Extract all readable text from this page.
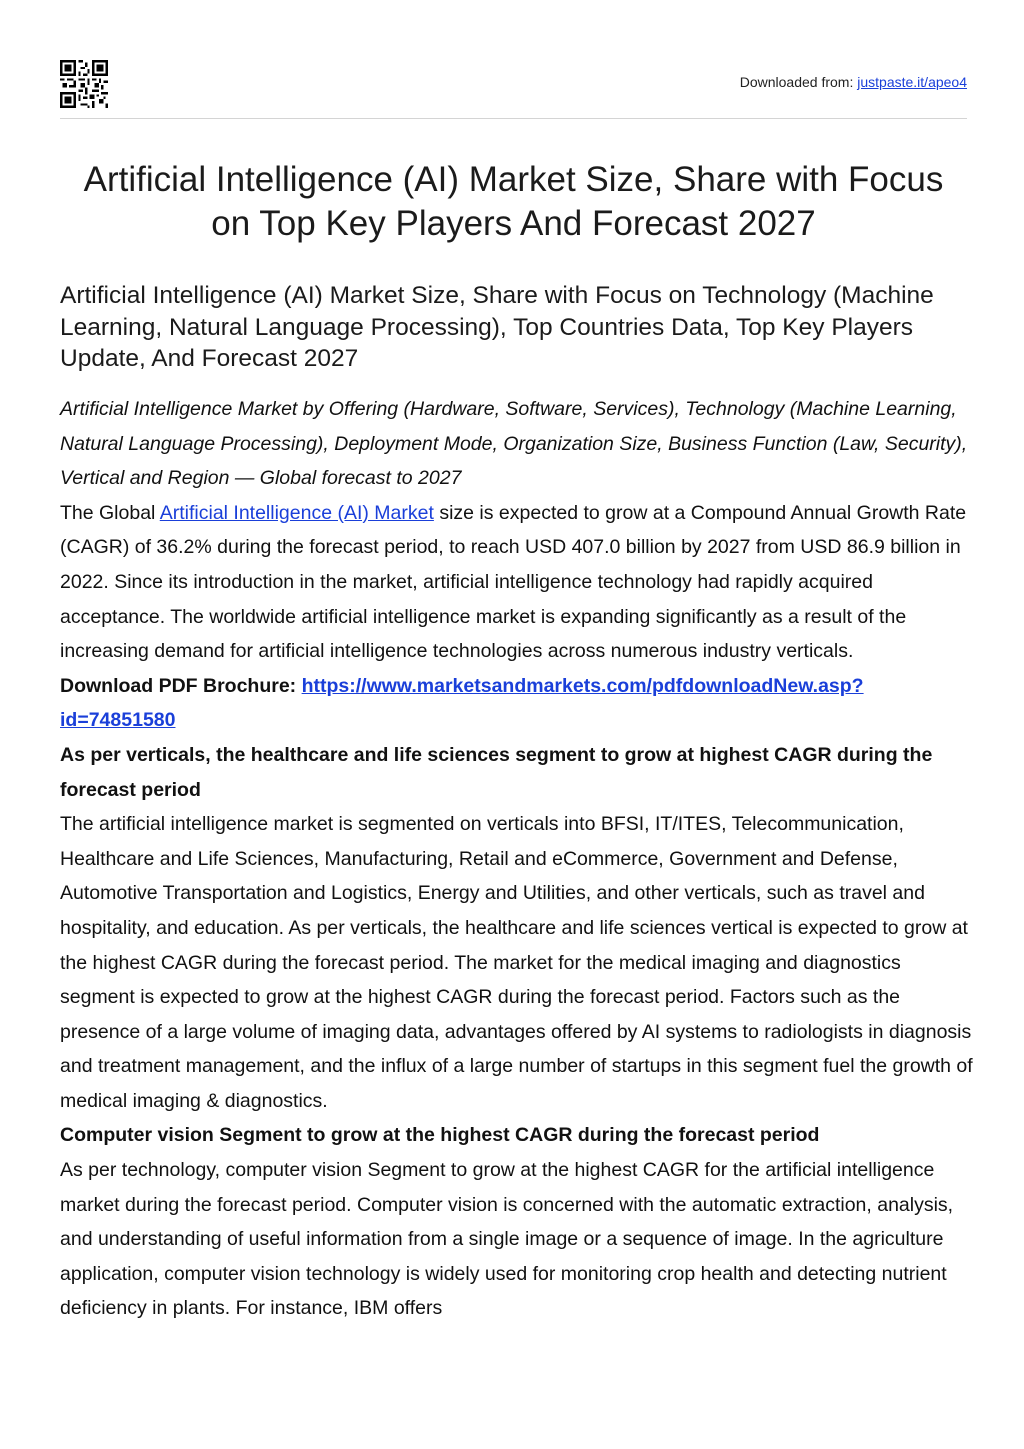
Downloaded from: justpaste.it/apeo4
Artificial Intelligence (AI) Market Size, Share with Focus on Top Key Players And Forecast 2027
Artificial Intelligence (AI) Market Size, Share with Focus on Technology (Machine Learning, Natural Language Processing), Top Countries Data, Top Key Players Update, And Forecast 2027

Artificial Intelligence Market by Offering (Hardware, Software, Services), Technology (Machine Learning, Natural Language Processing), Deployment Mode, Organization Size, Business Function (Law, Security), Vertical and Region — Global forecast to 2027

The Global Artificial Intelligence (AI) Market size is expected to grow at a Compound Annual Growth Rate (CAGR) of 36.2% during the forecast period, to reach USD 407.0 billion by 2027 from USD 86.9 billion in 2022. Since its introduction in the market, artificial intelligence technology had rapidly acquired acceptance. The worldwide artificial intelligence market is expanding significantly as a result of the increasing demand for artificial intelligence technologies across numerous industry verticals.

Download PDF Brochure: https://www.marketsandmarkets.com/pdfdownloadNew.asp?
id=74851580

As per verticals, the healthcare and life sciences segment to grow at highest CAGR during the forecast period

The artificial intelligence market is segmented on verticals into BFSI, IT/ITES, Telecommunication, Healthcare and Life Sciences, Manufacturing, Retail and eCommerce, Government and Defense, Automotive Transportation and Logistics, Energy and Utilities, and other verticals, such as travel and hospitality, and education. As per verticals, the healthcare and life sciences vertical is expected to grow at the highest CAGR during the forecast period. The market for the medical imaging and diagnostics segment is expected to grow at the highest CAGR during the forecast period. Factors such as the presence of a large volume of imaging data, advantages offered by AI systems to radiologists in diagnosis and treatment management, and the influx of a large number of startups in this segment fuel the growth of medical imaging & diagnostics.

Computer vision Segment to grow at the highest CAGR during the forecast period

As per technology, computer vision Segment to grow at the highest CAGR for the artificial intelligence market during the forecast period. Computer vision is concerned with the automatic extraction, analysis, and understanding of useful information from a single image or a sequence of image. In the agriculture application, computer vision technology is widely used for monitoring crop health and detecting nutrient deficiency in plants. For instance, IBM offers
